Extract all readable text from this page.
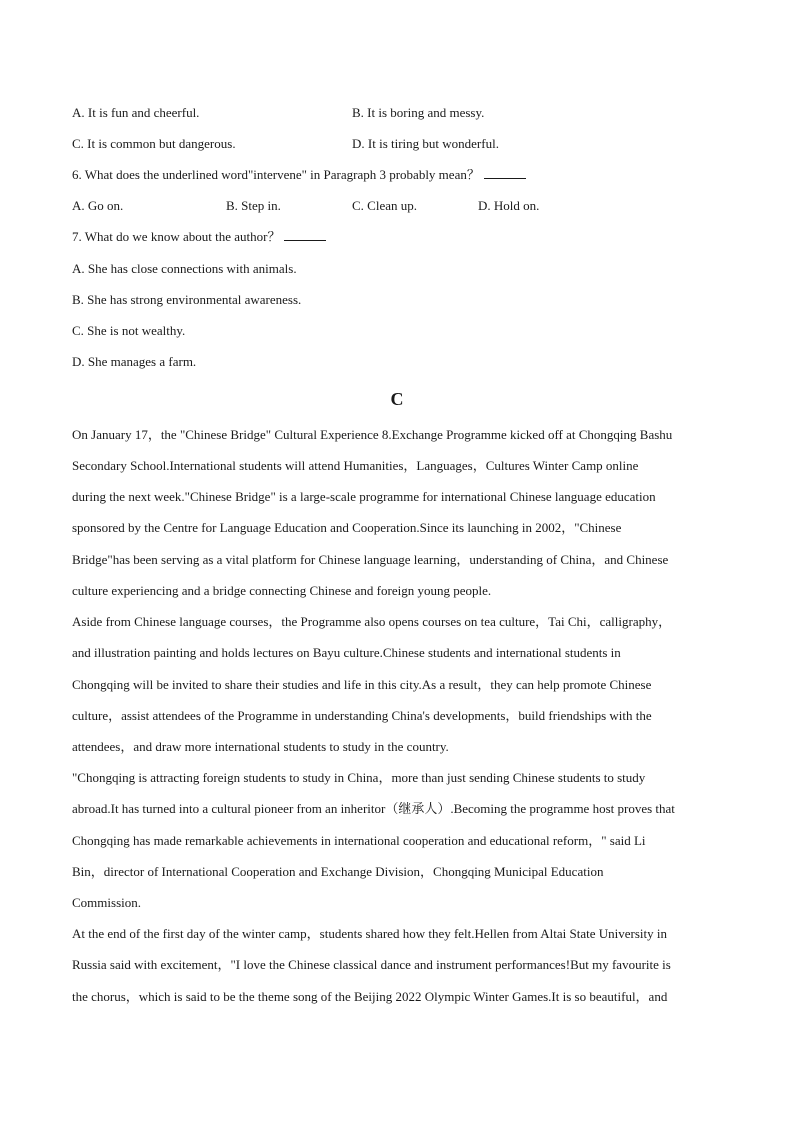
A. It is fun and cheerful.	B. It is boring and messy.
C. It is common but dangerous.	D. It is tiring but wonderful.
6. What does the underlined word"intervene" in Paragraph 3 probably mean？
A. Go on.	B. Step in.	C. Clean up.	D. Hold on.
7. What do we know about the author？
A. She has close connections with animals.
B. She has strong environmental awareness.
C. She is not wealthy.
D. She manages a farm.
C
On January 17，the "Chinese Bridge" Cultural Experience 8.Exchange Programme kicked off at Chongqing Bashu
Secondary School.International students will attend Humanities，Languages，Cultures Winter Camp online
during the next week."Chinese Bridge" is a large-scale programme for international Chinese language education
sponsored by the Centre for Language Education and Cooperation.Since its launching in 2002，"Chinese
Bridge"has been serving as a vital platform for Chinese language learning，understanding of China，and Chinese
culture experiencing and a bridge connecting Chinese and foreign young people.
Aside from Chinese language courses，the Programme also opens courses on tea culture，Tai Chi，calligraphy，
and illustration painting and holds lectures on Bayu culture.Chinese students and international students in
Chongqing will be invited to share their studies and life in this city.As a result，they can help promote Chinese
culture，assist attendees of the Programme in understanding China's developments，build friendships with the
attendees，and draw more international students to study in the country.
"Chongqing is attracting foreign students to study in China，more than just sending Chinese students to study
abroad.It has turned into a cultural pioneer from an inheritor（继承人）.Becoming the programme host proves that
Chongqing has made remarkable achievements in international cooperation and educational reform，" said Li
Bin，director of International Cooperation and Exchange Division，Chongqing Municipal Education
Commission.
At the end of the first day of the winter camp，students shared how they felt.Hellen from Altai State University in
Russia said with excitement，"I love the Chinese classical dance and instrument performances!But my favourite is
the chorus，which is said to be the theme song of the Beijing 2022 Olympic Winter Games.It is so beautiful，and
